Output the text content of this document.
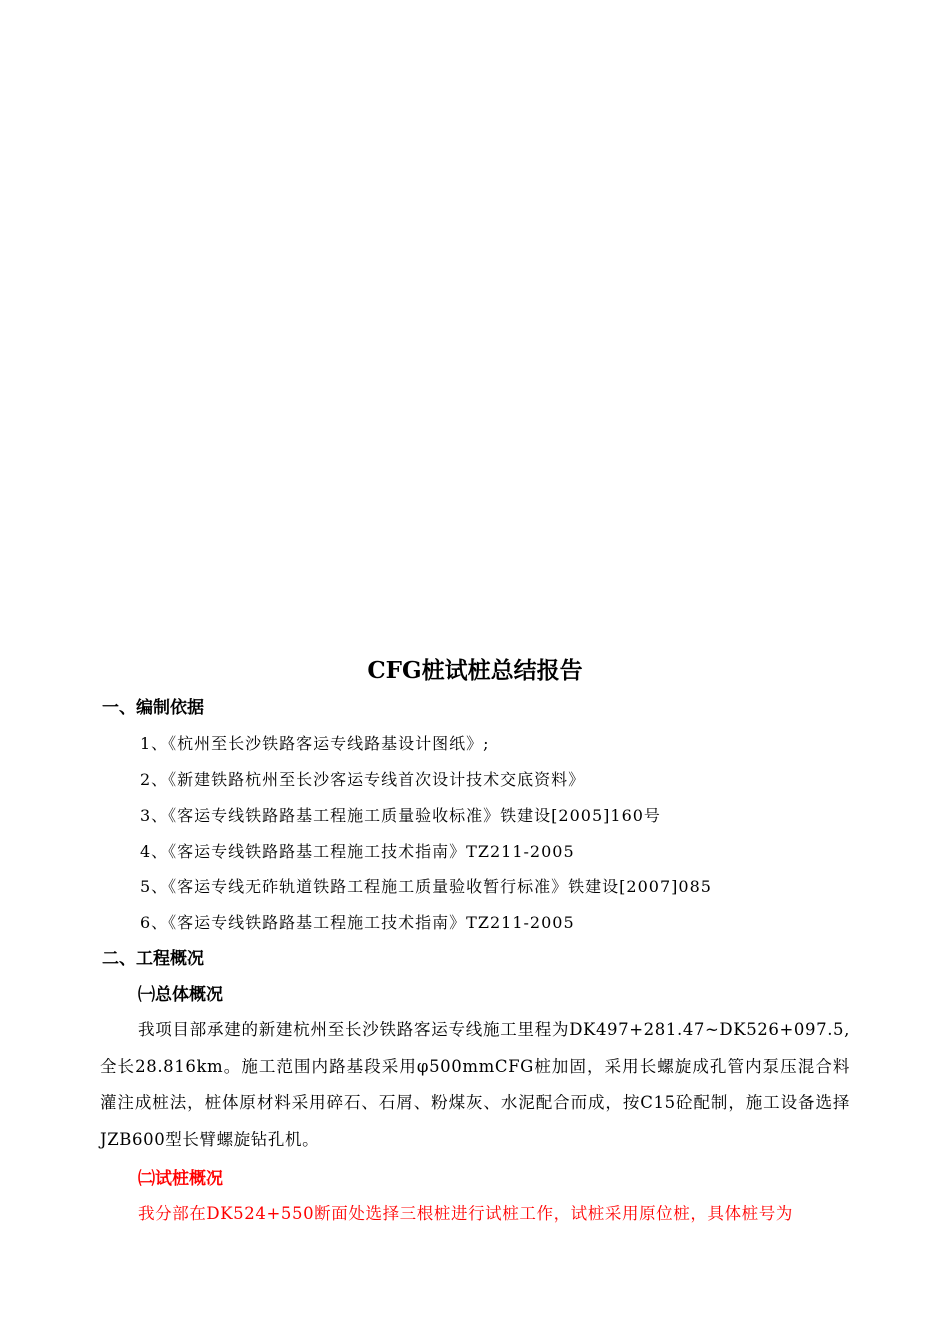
CFG桩试桩总结报告
一、编制依据
1、《杭州至长沙铁路客运专线路基设计图纸》;
2、《新建铁路杭州至长沙客运专线首次设计技术交底资料》
3、《客运专线铁路路基工程施工质量验收标准》铁建设[2005]160号
4、《客运专线铁路路基工程施工技术指南》TZ211-2005
5、《客运专线无砟轨道铁路工程施工质量验收暂行标准》铁建设[2007]085
6、《客运专线铁路路基工程施工技术指南》TZ211-2005
二、工程概况
㈠总体概况
我项目部承建的新建杭州至长沙铁路客运专线施工里程为DK497+281.47~DK526+097.5,全长28.816km。施工范围内路基段采用φ500mmCFG桩加固，采用长螺旋成孔管内泵压混合料灌注成桩法，桩体原材料采用碎石、石屑、粉煤灰、水泥配合而成，按C15砼配制，施工设备选择JZB600型长臂螺旋钻孔机。
㈡试桩概况
我分部在DK524+550断面处选择三根桩进行试桩工作，试桩采用原位桩，具体桩号为
